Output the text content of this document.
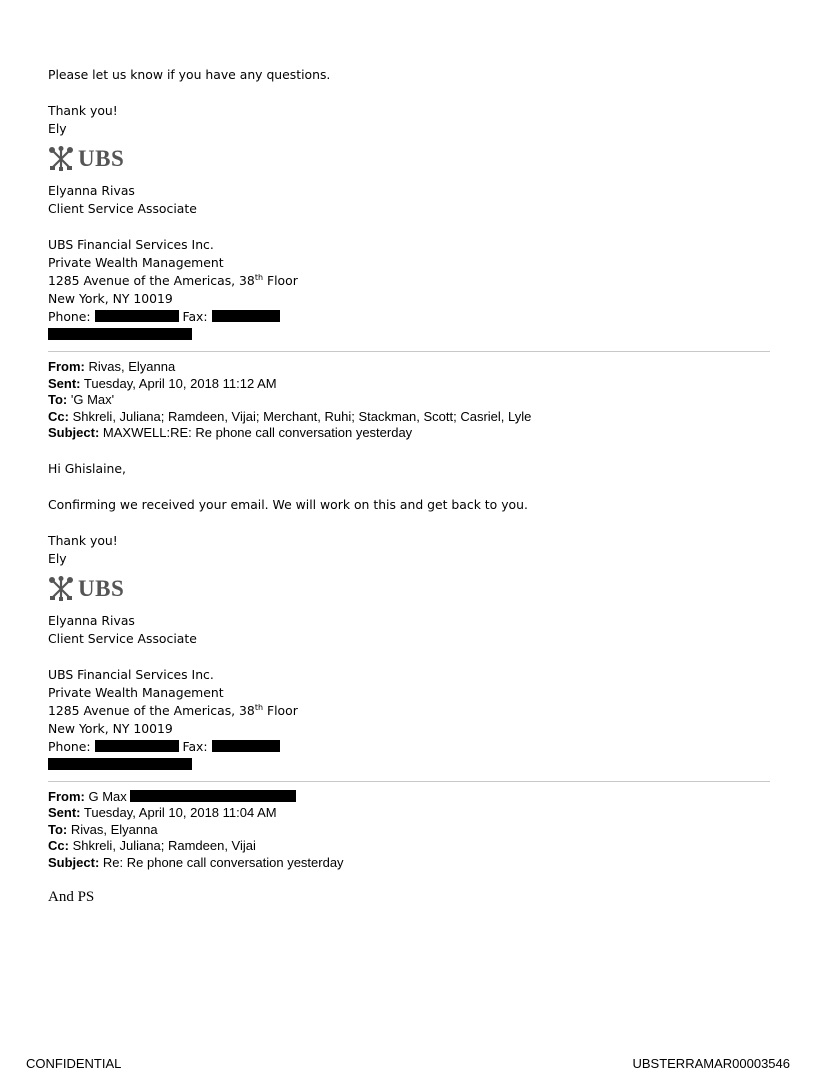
Please let us know if you have any questions.
Thank you!
Ely
UBS
Elyanna Rivas
Client Service Associate
UBS Financial Services Inc.
Private Wealth Management
1285 Avenue of the Americas, 38th Floor
New York, NY 10019
Phone:	Fax:
From: Rivas, Elyanna
Sent: Tuesday, April 10, 2018 11:12 AM
To: 'G Max'
Cc: Shkreli, Juliana; Ramdeen, Vijai; Merchant, Ruhi; Stackman, Scott; Casriel, Lyle
Subject: MAXWELL:RE: Re phone call conversation yesterday
Hi Ghislaine,
Confirming we received your email. We will work on this and get back to you.
Thank you!
Ely
UBS
Elyanna Rivas
Client Service Associate
UBS Financial Services Inc.
Private Wealth Management
1285 Avenue of the Americas, 38th Floor
New York, NY 10019
Phone:	Fax:
From: G Max
Sent: Tuesday, April 10, 2018 11:04 AM
To: Rivas, Elyanna
Cc: Shkreli, Juliana; Ramdeen, Vijai
Subject: Re: Re phone call conversation yesterday
And PS
CONFIDENTIAL	UBSTERRAMAR00003546
